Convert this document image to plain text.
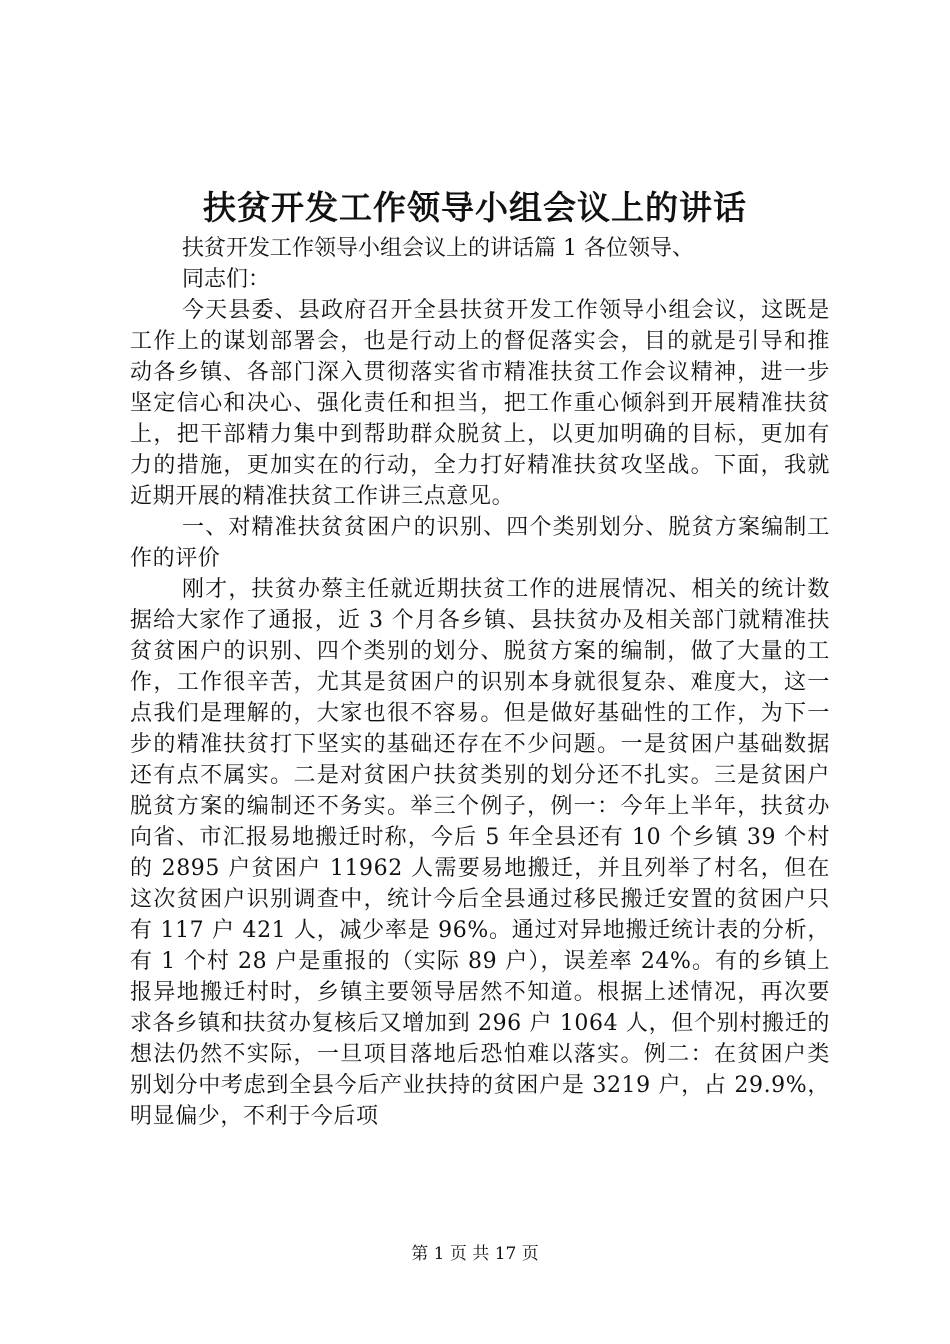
扶贫开发工作领导小组会议上的讲话

扶贫开发工作领导小组会议上的讲话篇 1 各位领导、

同志们：

今天县委、县政府召开全县扶贫开发工作领导小组会议，这既是工作上的谋划部署会，也是行动上的督促落实会，目的就是引导和推动各乡镇、各部门深入贯彻落实省市精准扶贫工作会议精神，进一步坚定信心和决心、强化责任和担当，把工作重心倾斜到开展精准扶贫上，把干部精力集中到帮助群众脱贫上，以更加明确的目标，更加有力的措施，更加实在的行动，全力打好精准扶贫攻坚战。下面，我就近期开展的精准扶贫工作讲三点意见。

一、对精准扶贫贫困户的识别、四个类别划分、脱贫方案编制工作的评价

刚才，扶贫办蔡主任就近期扶贫工作的进展情况、相关的统计数据给大家作了通报，近 3 个月各乡镇、县扶贫办及相关部门就精准扶贫贫困户的识别、四个类别的划分、脱贫方案的编制，做了大量的工作，工作很辛苦，尤其是贫困户的识别本身就很复杂、难度大，这一点我们是理解的，大家也很不容易。但是做好基础性的工作，为下一步的精准扶贫打下坚实的基础还存在不少问题。一是贫困户基础数据还有点不属实。二是对贫困户扶贫类别的划分还不扎实。三是贫困户脱贫方案的编制还不务实。举三个例子，例一：今年上半年，扶贫办向省、市汇报易地搬迁时称，今后 5 年全县还有 10 个乡镇 39 个村的 2895 户贫困户 11962 人需要易地搬迁，并且列举了村名，但在这次贫困户识别调查中，统计今后全县通过移民搬迁安置的贫困户只有 117 户 421 人，减少率是 96%。通过对异地搬迁统计表的分析，有 1 个村 28 户是重报的（实际 89 户），误差率 24%。有的乡镇上报异地搬迁村时，乡镇主要领导居然不知道。根据上述情况，再次要求各乡镇和扶贫办复核后又增加到 296 户 1064 人，但个别村搬迁的想法仍然不实际，一旦项目落地后恐怕难以落实。例二：在贫困户类别划分中考虑到全县今后产业扶持的贫困户是 3219 户，占 29.9%，明显偏少，不利于今后项

第 1 页 共 17 页
